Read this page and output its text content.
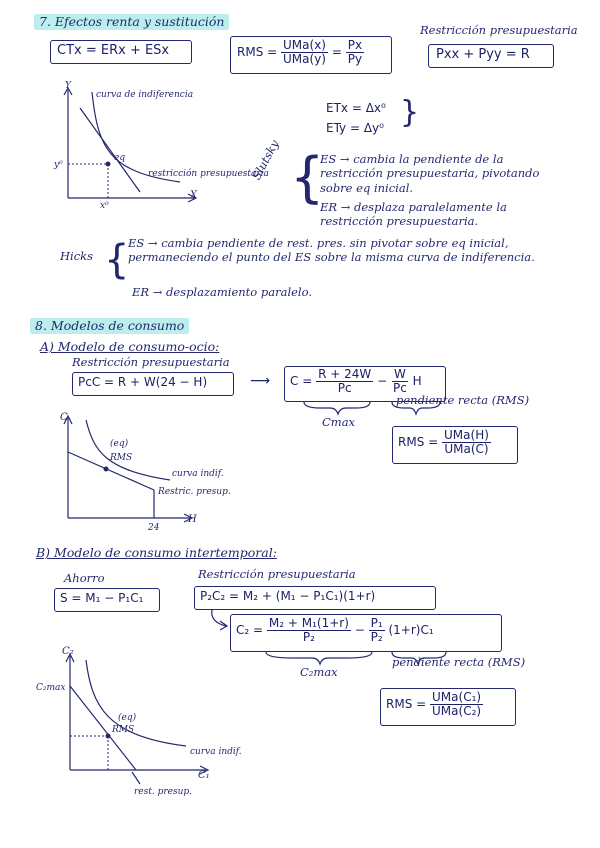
7. Efectos renta y sustitución
CTx = ERx + ESx	RMS = $\frac{\text{UMa(x)}}{\text{UMa(y)}} = \frac{Px}{Py}$
Restricción presupuestaria
Pxx + Pyy = R
Y
X
curva de indiferencia
eq
restricción presupuestaria
y⁰
x⁰
ETx = Δx⁰
ETy = Δy⁰ }
Slutsky {
ES → cambia la pendiente de la restricción presupuestaria, pivotando sobre eq inicial.
ER → desplaza paralelamente la restricción presupuestaria.
Hicks {
ES → cambia pendiente de rest. pres. sin pivotar sobre eq inicial, permaneciendo el punto del ES sobre la misma curva de indiferencia.
ER → desplazamiento paralelo.
8. Modelos de consumo
A) Modelo de consumo-ocio:
Restricción presupuestaria
PcC = R + W(24 − H)	⟶ $C = \frac{R + 24W}{Pc} - \frac{W}{Pc}$ H
Cmax
pendiente recta (RMS)
RMS = $\frac{\text{UMa(H)}}{\text{UMa(C)}}$
C
H
(eq)
RMS
curva indif.
Restric. presup.
24
B) Modelo de consumo intertemporal:
Ahorro
S = M₁ − P₁C₁
Restricción presupuestaria
P₂C₂ = M₂ + (M₁ − P₁C₁)(1+r)
$C_2 = \frac{\text{M₂ + M₁(1+r)}}{\text{P₂}} - \frac{\text{P₁}}{\text{P₂}} (1+r)C_1$
C₂max
pendiente recta (RMS)
RMS = $\frac{\text{UMa(C₁)}}{\text{UMa(C₂)}}$
C₂
C₁
C₂max
(eq)
RMS
curva indif.
rest. presup.
